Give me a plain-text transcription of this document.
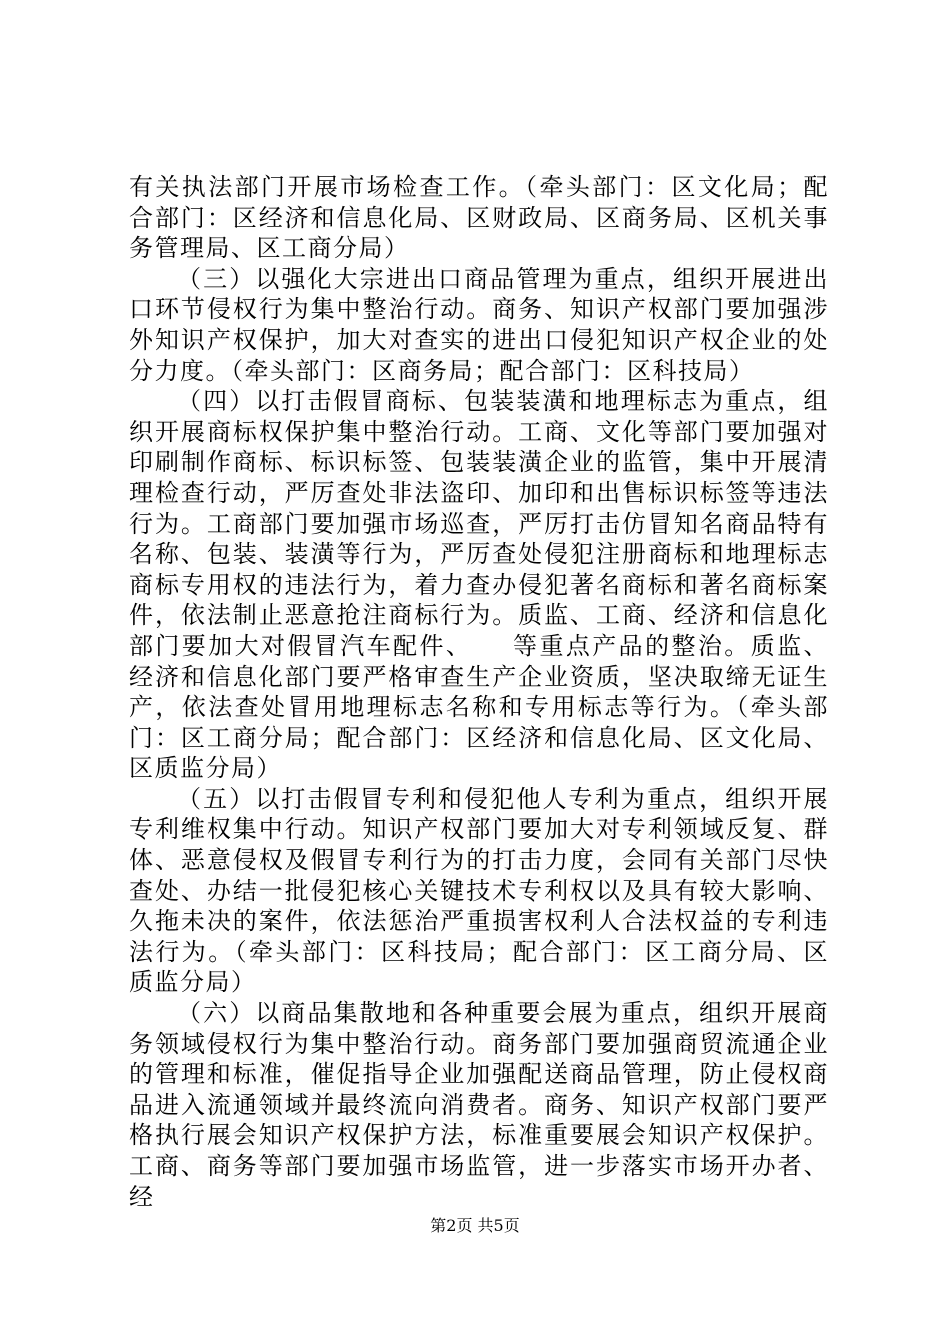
有关执法部门开展市场检查工作。（牵头部门：区文化局；配合部门：区经济和信息化局、区财政局、区商务局、区机关事务管理局、区工商分局）

（三）以强化大宗进出口商品管理为重点，组织开展进出口环节侵权行为集中整治行动。商务、知识产权部门要加强涉外知识产权保护，加大对查实的进出口侵犯知识产权企业的处分力度。（牵头部门：区商务局；配合部门：区科技局）

（四）以打击假冒商标、包装装潢和地理标志为重点，组织开展商标权保护集中整治行动。工商、文化等部门要加强对印刷制作商标、标识标签、包装装潢企业的监管，集中开展清理检查行动，严厉查处非法盗印、加印和出售标识标签等违法行为。工商部门要加强市场巡查，严厉打击仿冒知名商品特有名称、包装、装潢等行为，严厉查处侵犯注册商标和地理标志商标专用权的违法行为，着力查办侵犯著名商标和著名商标案件，依法制止恶意抢注商标行为。质监、工商、经济和信息化部门要加大对假冒汽车配件、　　等重点产品的整治。质监、经济和信息化部门要严格审查生产企业资质，坚决取缔无证生产，依法查处冒用地理标志名称和专用标志等行为。（牵头部门：区工商分局；配合部门：区经济和信息化局、区文化局、区质监分局）

（五）以打击假冒专利和侵犯他人专利为重点，组织开展专利维权集中行动。知识产权部门要加大对专利领域反复、群体、恶意侵权及假冒专利行为的打击力度，会同有关部门尽快查处、办结一批侵犯核心关键技术专利权以及具有较大影响、久拖未决的案件，依法惩治严重损害权利人合法权益的专利违法行为。（牵头部门：区科技局；配合部门：区工商分局、区质监分局）

（六）以商品集散地和各种重要会展为重点，组织开展商务领域侵权行为集中整治行动。商务部门要加强商贸流通企业的管理和标准，催促指导企业加强配送商品管理，防止侵权商品进入流通领域并最终流向消费者。商务、知识产权部门要严格执行展会知识产权保护方法，标准重要展会知识产权保护。工商、商务等部门要加强市场监管，进一步落实市场开办者、经

第2页 共5页
